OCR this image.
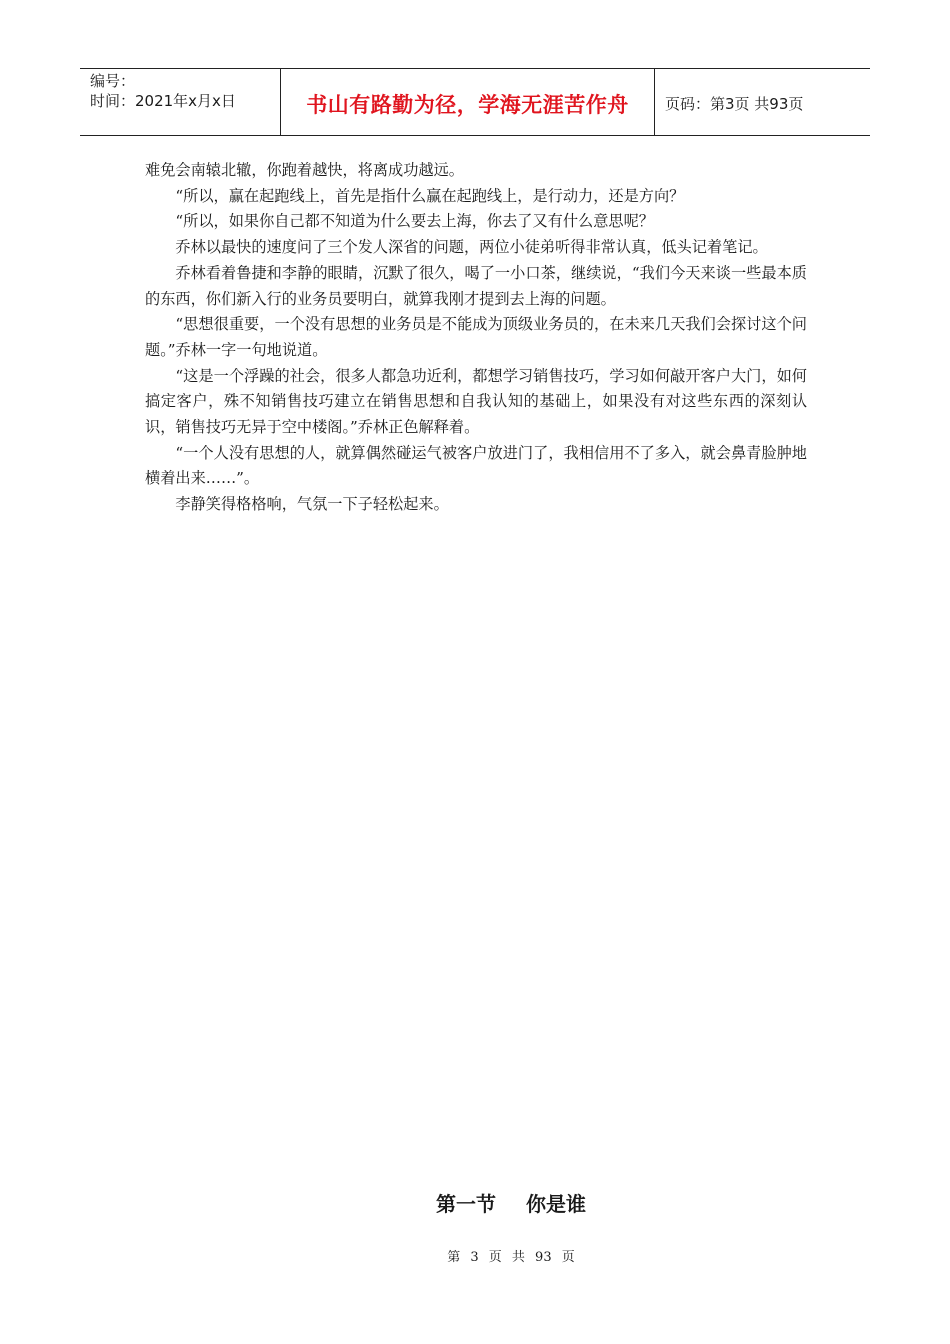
编号：
时间：2021年x月x日	书山有路勤为径，学海无涯苦作舟 页码：第3页 共93页

难免会南辕北辙，你跑着越快，将离成功越远。

“所以，赢在起跑线上，首先是指什么赢在起跑线上，是行动力，还是方向？

“所以，如果你自己都不知道为什么要去上海，你去了又有什么意思呢？

乔林以最快的速度问了三个发人深省的问题，两位小徒弟听得非常认真，低头记着笔记。

乔林看着鲁捷和李静的眼睛，沉默了很久，喝了一小口茶，继续说，“我们今天来谈一些最本质的东西，你们新入行的业务员要明白，就算我刚才提到去上海的问题。

“思想很重要，一个没有思想的业务员是不能成为顶级业务员的，在未来几天我们会探讨这个问题。”乔林一字一句地说道。

“这是一个浮躁的社会，很多人都急功近利，都想学习销售技巧，学习如何敲开客户大门，如何搞定客户，殊不知销售技巧建立在销售思想和自我认知的基础上，如果没有对这些东西的深刻认识，销售技巧无异于空中楼阁。”乔林正色解释着。

“一个人没有思想的人，就算偶然碰运气被客户放进门了，我相信用不了多入，就会鼻青脸肿地横着出来……”。

李静笑得格格响，气氛一下子轻松起来。

第一节 你是谁
第 3 页 共 93 页
